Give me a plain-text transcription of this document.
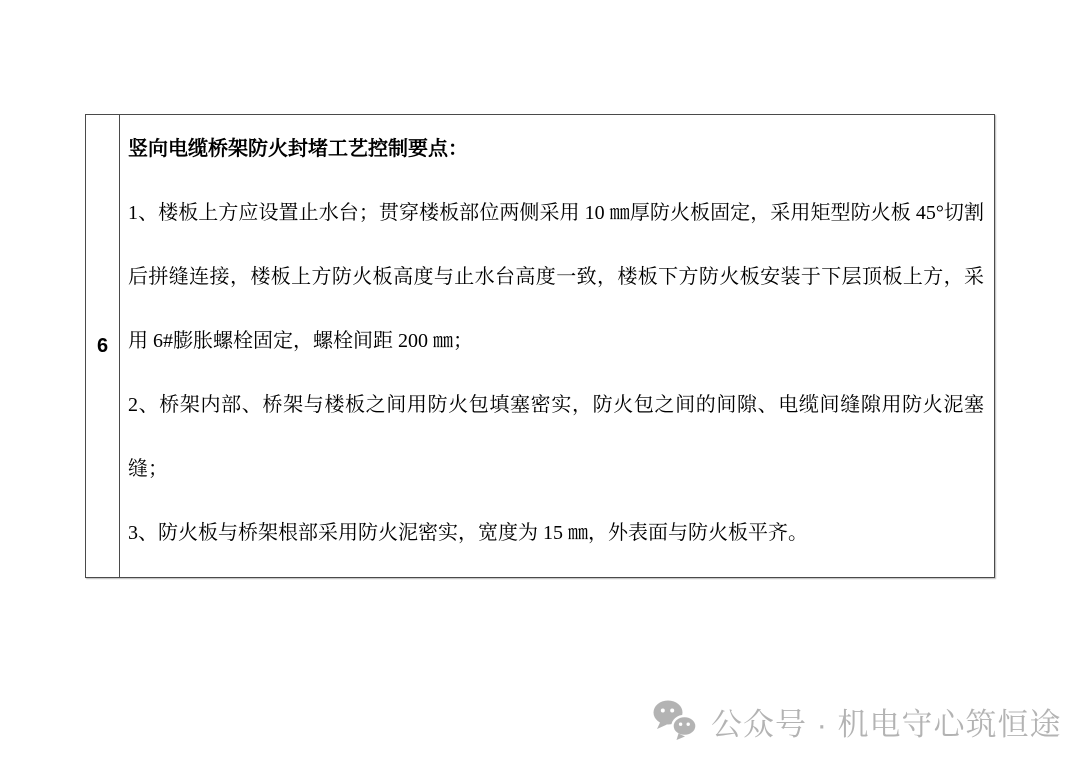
6

竖向电缆桥架防火封堵工艺控制要点：

1、楼板上方应设置止水台；贯穿楼板部位两侧采用 10 ㎜厚防火板固定，采用矩型防火板 45°切割后拼缝连接，楼板上方防火板高度与止水台高度一致，楼板下方防火板安装于下层顶板上方，采用 6#膨胀螺栓固定，螺栓间距 200 ㎜；

2、桥架内部、桥架与楼板之间用防火包填塞密实，防火包之间的间隙、电缆间缝隙用防火泥塞缝；

3、防火板与桥架根部采用防火泥密实，宽度为 15 ㎜，外表面与防火板平齐。

公众号 · 机电守心筑恒途
